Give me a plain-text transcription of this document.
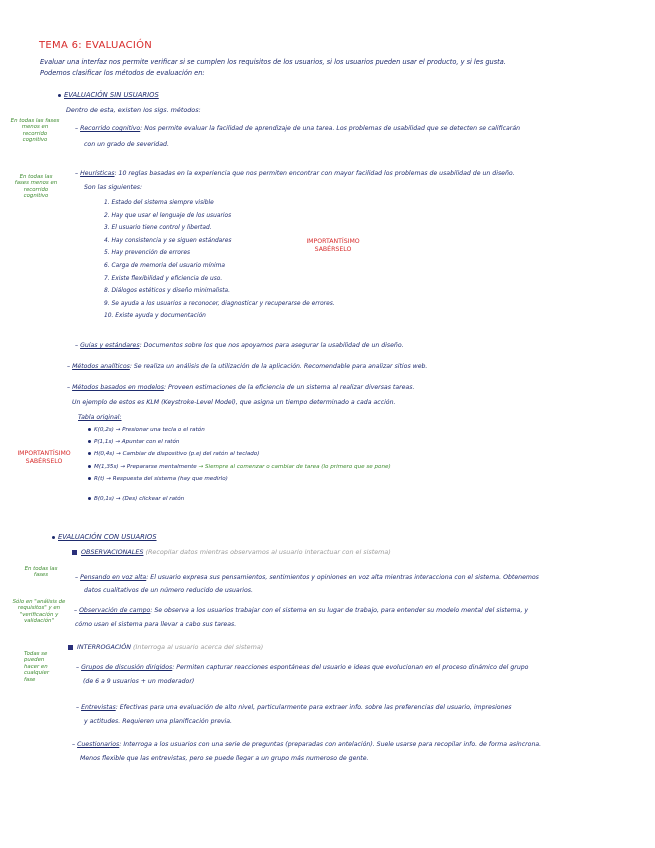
TEMA 6: EVALUACIÓN
Evaluar una interfaz nos permite verificar si se cumplen los requisitos de los usuarios, si los usuarios pueden usar el producto, y si les gusta.
Podemos clasificar los métodos de evaluación en:
EVALUACIÓN SIN USUARIOS
Dentro de esta, existen los sigs. métodos:
En todas las fases menos en recorrido cognitivo
– Recorrido cognitivo: Nos permite evaluar la facilidad de aprendizaje de una tarea. Los problemas de usabilidad que se detecten se calificarán
con un grado de severidad.
En todas las fases menos en recorrido cognitivo
– Heurísticas: 10 reglas basadas en la experiencia que nos permiten encontrar con mayor facilidad los problemas de usabilidad de un diseño.
Son las siguientes:
1. Estado del sistema siempre visible
2. Hay que usar el lenguaje de los usuarios
3. El usuario tiene control y libertad.
4. Hay consistencia y se siguen estándares
5. Hay prevención de errores
6. Carga de memoria del usuario mínima
7. Existe flexibilidad y eficiencia de uso.
8. Diálogos estéticos y diseño minimalista.
9. Se ayuda a los usuarios a reconocer, diagnosticar y recuperarse de errores.
10. Existe ayuda y documentación
IMPORTANTÍSIMO SABÉRSELO
– Guías y estándares: Documentos sobre los que nos apoyamos para asegurar la usabilidad de un diseño.
– Métodos analíticos: Se realiza un análisis de la utilización de la aplicación. Recomendable para analizar sitios web.
– Métodos basados en modelos: Proveen estimaciones de la eficiencia de un sistema al realizar diversas tareas.
Un ejemplo de estos es KLM (Keystroke-Level Model), que asigna un tiempo determinado a cada acción.
Tabla original:
IMPORTANTÍSIMO SABÉRSELO
K(0,2s) → Presionar una tecla o el ratón
P(1,1s) → Apuntar con el ratón
H(0,4s) → Cambiar de dispositivo (p.ej del ratón al teclado)
M(1,35s) → Prepararse mentalmente → Siempre al comenzar o cambiar de tarea (lo primero que se pone)
R(t) → Respuesta del sistema (hay que medirlo)
B(0,1s) → (Des) clickear el ratón
EVALUACIÓN CON USUARIOS
OBSERVACIONALES (Recopilar datos mientras observamos al usuario interactuar con el sistema)
En todas las fases	– Pensando en voz alta: El usuario expresa sus pensamientos, sentimientos y opiniones en voz alta mientras interacciona con el sistema. Obtenemos
datos cualitativos de un número reducido de usuarios.
Sólo en "análisis de requisitos" y en "verificación y validación"
– Observación de campo: Se observa a los usuarios trabajar con el sistema en su lugar de trabajo, para entender su modelo mental del sistema, y
cómo usan el sistema para llevar a cabo sus tareas.
INTERROGACIÓN (Interroga al usuario acerca del sistema)
Todas se pueden hacer en cualquier fase
– Grupos de discusión dirigidos: Permiten capturar reacciones espontáneas del usuario e ideas que evolucionan en el proceso dinámico del grupo
(de 6 a 9 usuarios + un moderador)
– Entrevistas: Efectivas para una evaluación de alto nivel, particularmente para extraer info. sobre las preferencias del usuario, impresiones
y actitudes. Requieren una planificación previa.
– Cuestionarios: Interroga a los usuarios con una serie de preguntas (preparadas con antelación). Suele usarse para recopilar info. de forma asíncrona.
Menos flexible que las entrevistas, pero se puede llegar a un grupo más numeroso de gente.
